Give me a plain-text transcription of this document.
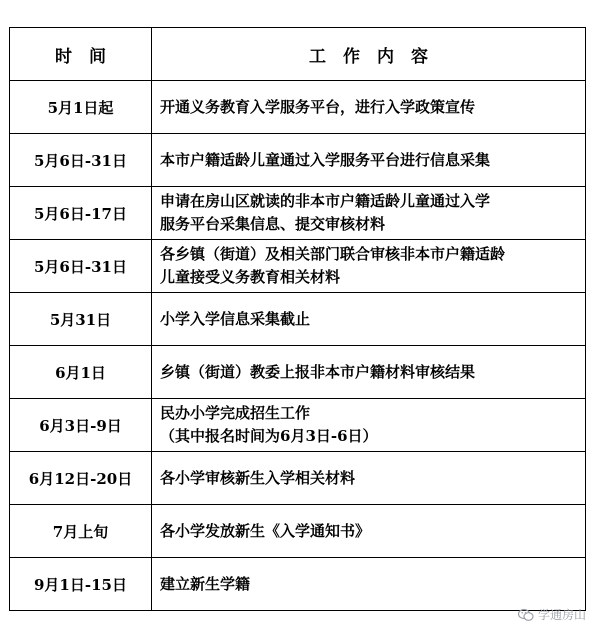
时　间	工　作　内　容
5月1日起	开通义务教育入学服务平台，进行入学政策宣传

5月6日-31日	本市户籍适龄儿童通过入学服务平台进行信息采集

5月6日-17日	申请在房山区就读的非本市户籍适龄儿童通过入学
服务平台采集信息、提交审核材料

5月6日-31日	各乡镇（街道）及相关部门联合审核非本市户籍适龄
儿童接受义务教育相关材料

5月31日	小学入学信息采集截止

6月1日	乡镇（街道）教委上报非本市户籍材料审核结果

6月3日-9日	民办小学完成招生工作
（其中报名时间为6月3日-6日）

6月12日-20日	各小学审核新生入学相关材料

7月上旬	各小学发放新生《入学通知书》

9月1日-15日	建立新生学籍
学通房山
